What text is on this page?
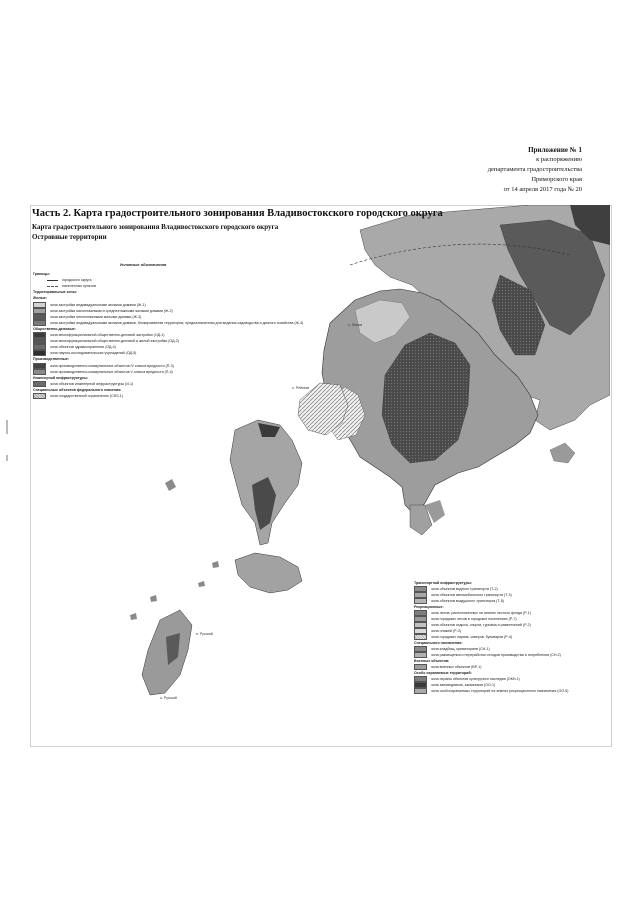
Приложение № 1
к распоряжению
департамента градостроительства
Приморского края
от 14 апреля 2017 года № 20
Часть 2. Карта градостроительного зонирования Владивостокского городского округа
Карта градостроительного зонирования Владивостокского городского округа
Островные территории
о. Попов
о. Рейнеке
п. Русский
о. Русский
Условные обозначения
Границы:
городского округа
населенных пунктов
Территориальные зоны:
Жилые:
зона застройки индивидуальными жилыми домами (Ж-1)
зона застройки малоэтажными и среднеэтажными жилыми домами (Ж-2)
зона застройки многоэтажными жилыми домами (Ж-3)
зона застройки индивидуальными жилыми домами, блокированная территория, предназначенная для ведения садоводства и дачного хозяйства (Ж-4)
Общественно-деловые:
зона многофункциональной общественно-деловой застройки (ОД-1)
зона многофункциональной общественно-деловой и жилой застройки (ОД-2)
зона объектов здравоохранения (ОД-4)
зона научно-исследовательских учреждений (ОД-5)
Производственные:
зона производственно-коммунальных объектов IV класса вредности (П-3)
зона производственно-коммунальных объектов V класса вредности (П-4)
Инженерной инфраструктуры:
зона объектов инженерной инфраструктуры (И-1)
Специальных объектов федерального значения:
зона государственной ограниченно (СФЗ-1)
Транспортной инфраструктуры:
зона объектов водного транспорта (Т-2)
зона объектов автомобильного транспорта (Т-3)
зона объектов воздушного транспорта (Т-5)
Рекреационные:
зона лесов, расположенных на землях лесного фонда (Р-1)
зона городских лесов в городских поселениях (Р-7)
зона объектов отдыха, спорта, туризма и развлечений (Р-2)
зона пляжей (Р-3)
зона городских парков, скверов, бульваров (Р-4)
Специального назначения:
зона кладбищ, крематориев (СН-1)
зона размещения и переработки отходов производства и потребления (СН-2)
Военных объектов:
зона военных объектов (ВР-1)
Особо охраняемых территорий:
зона охраны объектов культурного наследия (ОКН-1)
зона заповедников, заказников (ОО-1)
зона особоохраняемых территорий на землях рекреационного назначения (ОО-5)
